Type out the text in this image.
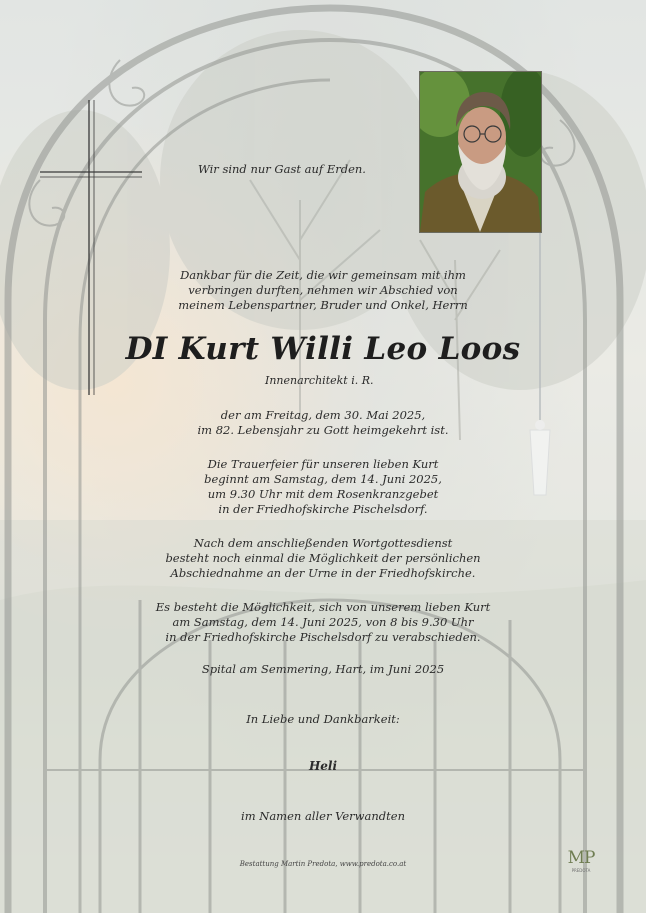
Wir sind nur Gast auf Erden.
Dankbar für die Zeit, die wir gemeinsam mit ihm
verbringen durften, nehmen wir Abschied von
meinem Lebenspartner, Bruder und Onkel, Herrn
DI Kurt Willi Leo Loos
Innenarchitekt i. R.
der am Freitag, dem 30. Mai 2025,
im 82. Lebensjahr zu Gott heimgekehrt ist.
Die Trauerfeier für unseren lieben Kurt
beginnt am Samstag, dem 14. Juni 2025,
um 9.30 Uhr mit dem Rosenkranzgebet
in der Friedhofskirche Pischelsdorf.
Nach dem anschließenden Wortgottesdienst
besteht noch einmal die Möglichkeit der persönlichen
Abschiednahme an der Urne in der Friedhofskirche.
Es besteht die Möglichkeit, sich von unserem lieben Kurt
am Samstag, dem 14. Juni 2025, von 8 bis 9.30 Uhr
in der Friedhofskirche Pischelsdorf zu verabschieden.
Spital am Semmering, Hart, im Juni 2025
In Liebe und Dankbarkeit:
Heli
im Namen aller Verwandten
Bestattung Martin Predota, www.predota.co.at	MP
PREDOTA
